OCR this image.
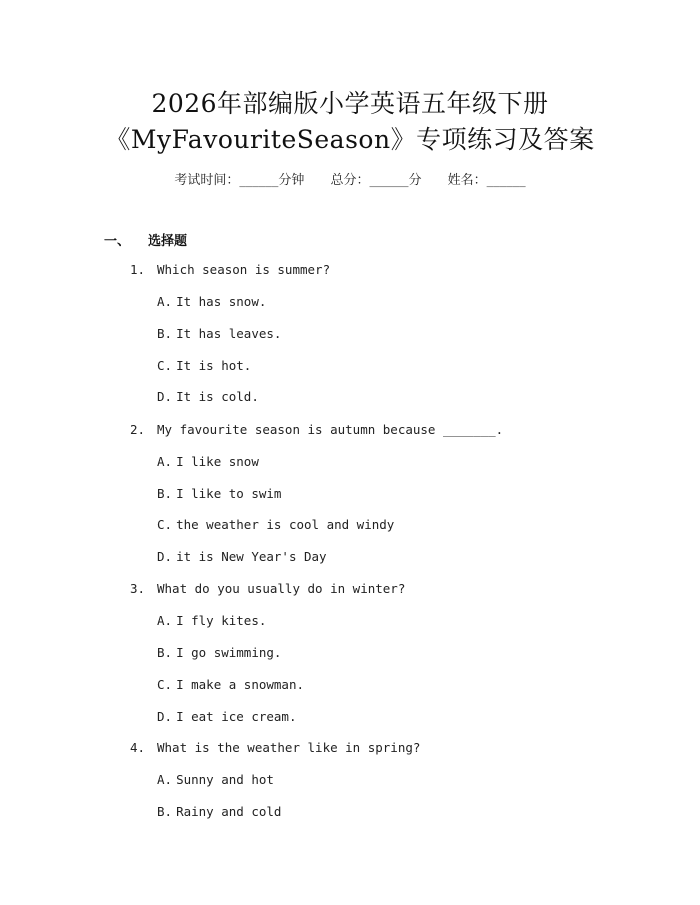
2026年部编版小学英语五年级下册
《MyFavouriteSeason》专项练习及答案
考试时间：______分钟 总分：______分 姓名：______
一、 选择题
1. Which season is summer?
A. It has snow.
B. It has leaves.
C. It is hot.
D. It is cold.
2. My favourite season is autumn because _______.
A. I like snow
B. I like to swim
C. the weather is cool and windy
D. it is New Year's Day
3. What do you usually do in winter?
A. I fly kites.
B. I go swimming.
C. I make a snowman.
D. I eat ice cream.
4. What is the weather like in spring?
A. Sunny and hot
B. Rainy and cold
